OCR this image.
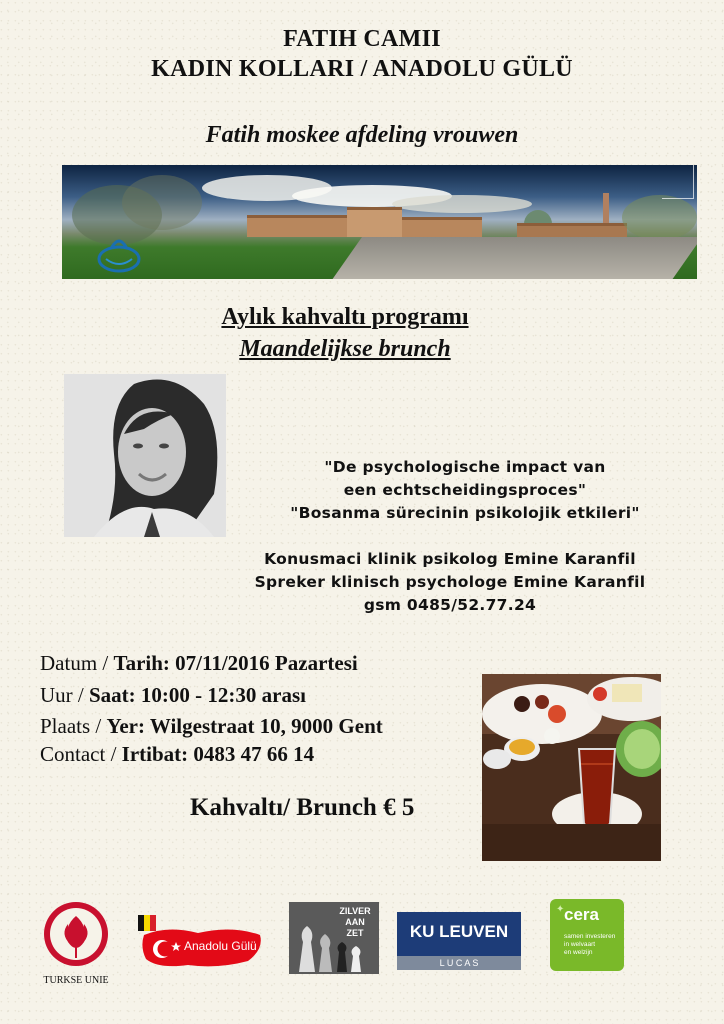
FATIH CAMII
KADIN KOLLARI / ANADOLU GÜLÜ
Fatih moskee afdeling vrouwen
Aylık kahvaltı programı
Maandelijkse brunch
"De psychologische impact van
een echtscheidingsproces"
"Bosanma sürecinin psikolojik etkileri"
Konusmaci klinik psikolog Emine Karanfil
Spreker klinisch psychologe Emine Karanfil
gsm 0485/52.77.24
Datum / Tarih: 07/11/2016 Pazartesi
Uur / Saat: 10:00 - 12:30 arası
Plaats / Yer: Wilgestraat 10, 9000 Gent
Contact / Irtibat: 0483 47 66 14
Kahvaltı/ Brunch € 5
TURKSE UNIE
Anadolu Gülü
ZILVER
AAN
ZET	KU LEUVEN
L U C A S
cera
✦
samen investeren
in welvaart
en welzijn
